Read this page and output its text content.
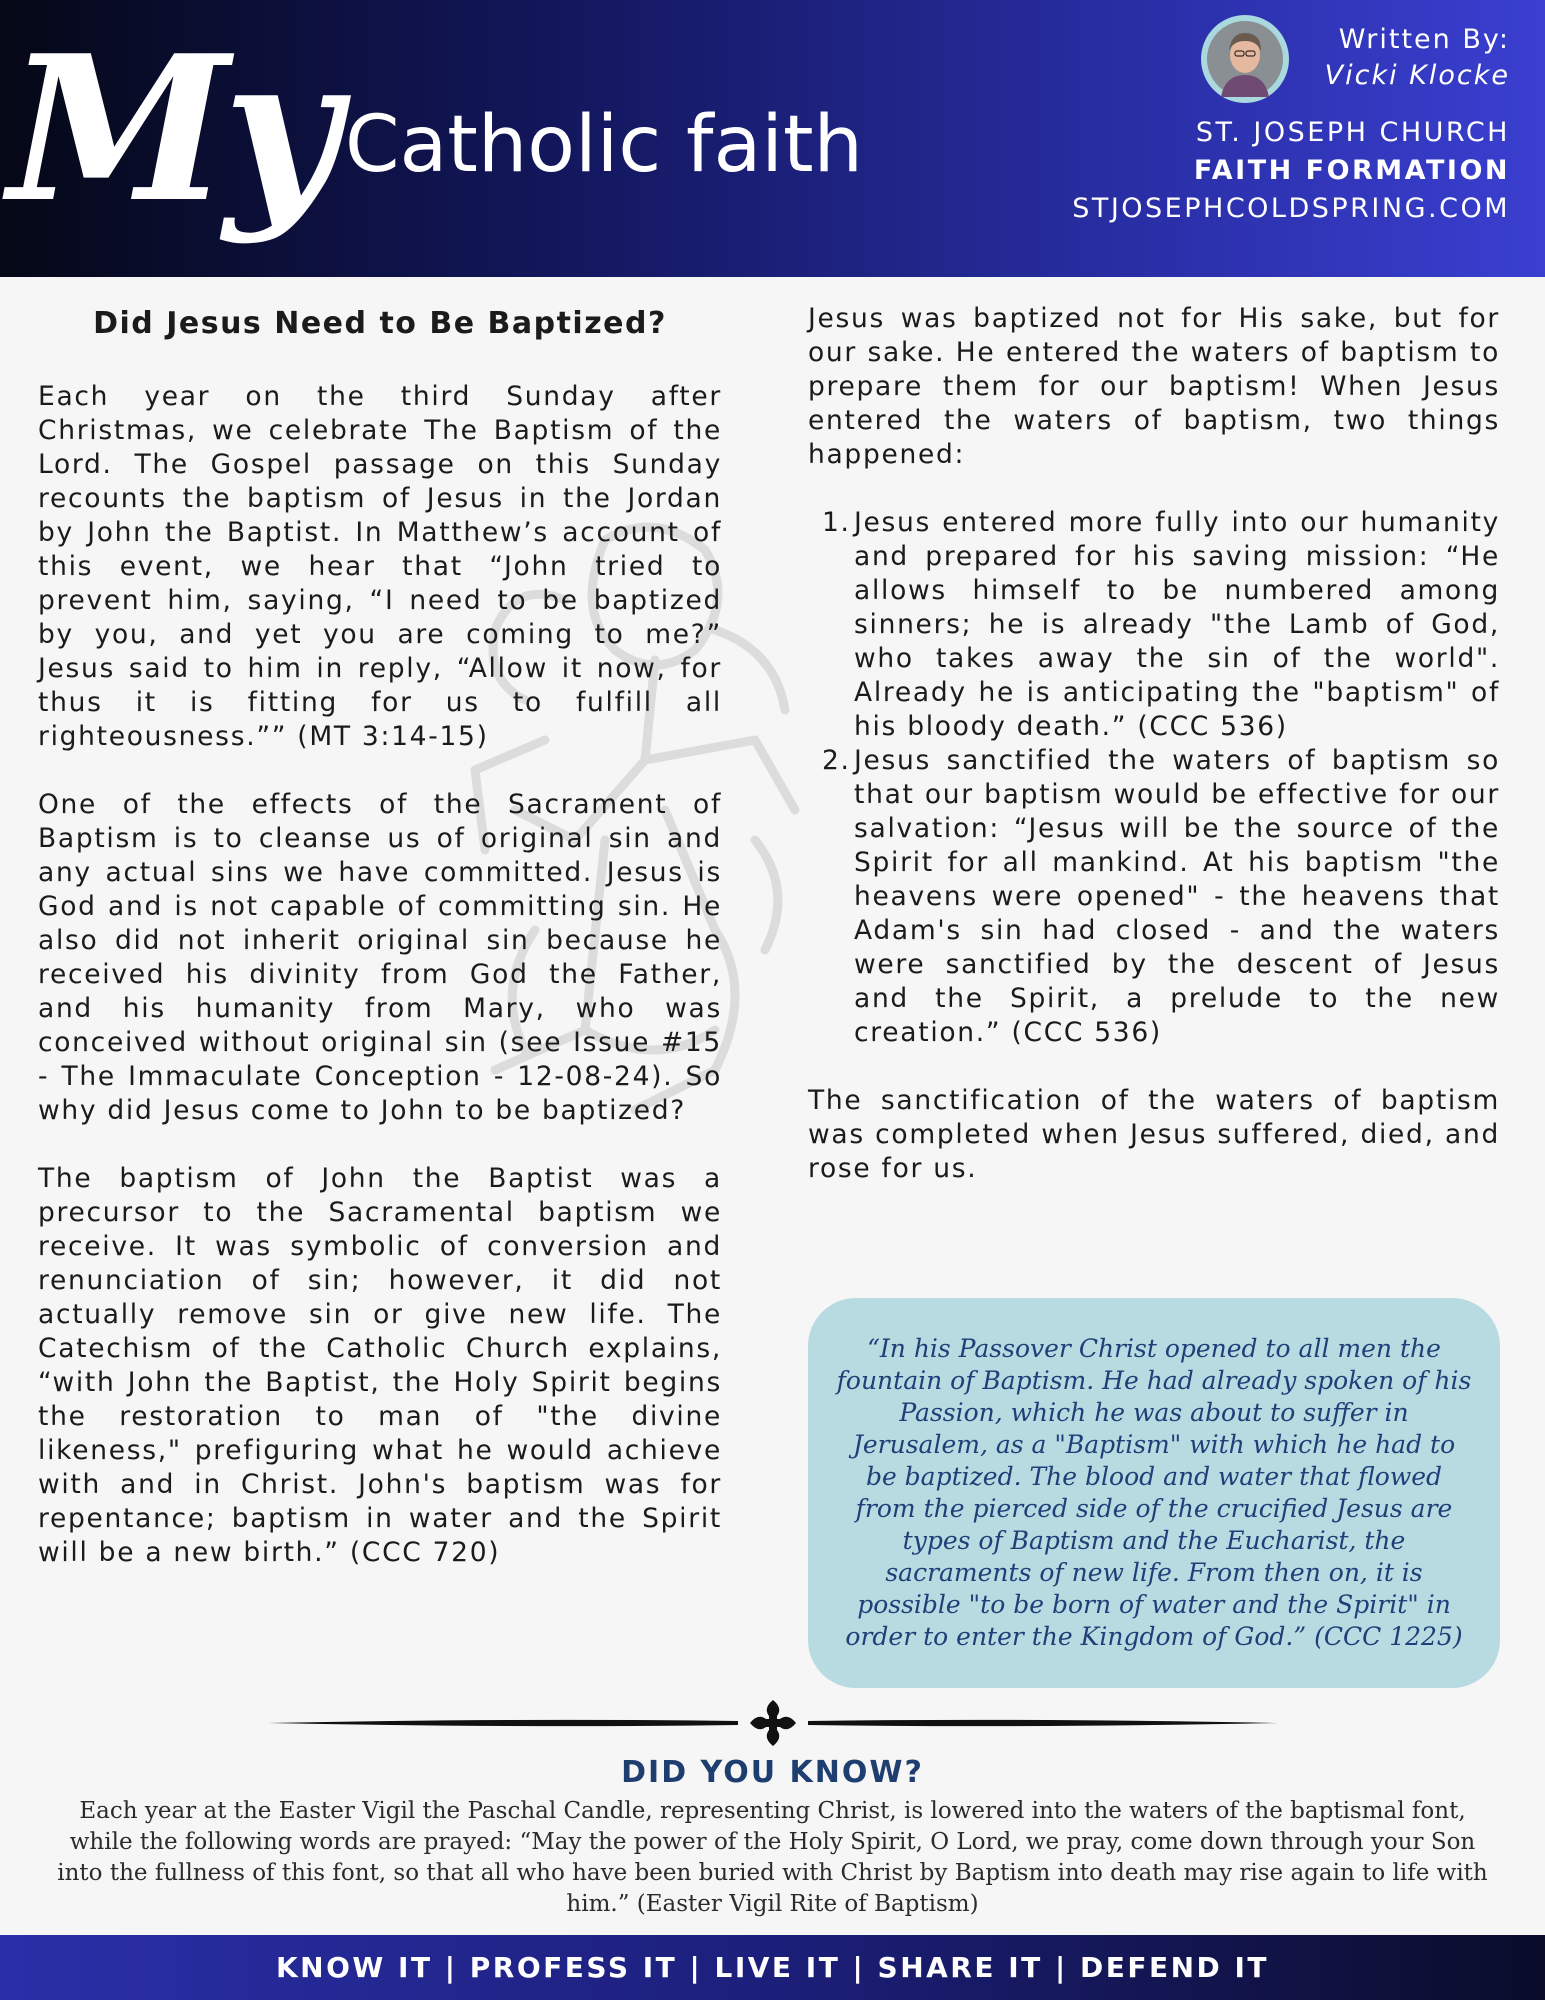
My Catholic faith
Written By:
Vicki Klocke
ST. JOSEPH CHURCH
FAITH FORMATION
STJOSEPHCOLDSPRING.COM
Did Jesus Need to Be Baptized?

Each year on the third Sunday after Christmas, we celebrate The Baptism of the Lord. The Gospel passage on this Sunday recounts the baptism of Jesus in the Jordan by John the Baptist. In Matthew’s account of this event, we hear that “John tried to prevent him, saying, “I need to be baptized by you, and yet you are coming to me?” Jesus said to him in reply, “Allow it now, for thus it is fitting for us to fulfill all righteousness.”” (MT 3:14-15)

One of the effects of the Sacrament of Baptism is to cleanse us of original sin and any actual sins we have committed. Jesus is God and is not capable of committing sin. He also did not inherit original sin because he received his divinity from God the Father, and his humanity from Mary, who was conceived without original sin (see Issue #15 - The Immaculate Conception - 12-08-24). So why did Jesus come to John to be baptized?

The baptism of John the Baptist was a precursor to the Sacramental baptism we receive. It was symbolic of conversion and renunciation of sin; however, it did not actually remove sin or give new life. The Catechism of the Catholic Church explains, “with John the Baptist, the Holy Spirit begins the restoration to man of "the divine likeness," prefiguring what he would achieve with and in Christ. John's baptism was for repentance; baptism in water and the Spirit will be a new birth.” (CCC 720)

Jesus was baptized not for His sake, but for our sake. He entered the waters of baptism to prepare them for our baptism! When Jesus entered the waters of baptism, two things happened:

1. Jesus entered more fully into our humanity and prepared for his saving mission: “He allows himself to be numbered among sinners; he is already "the Lamb of God, who takes away the sin of the world". Already he is anticipating the "baptism" of his bloody death.” (CCC 536)
2. Jesus sanctified the waters of baptism so that our baptism would be effective for our salvation: “Jesus will be the source of the Spirit for all mankind. At his baptism "the heavens were opened" - the heavens that Adam's sin had closed - and the waters were sanctified by the descent of Jesus and the Spirit, a prelude to the new creation.” (CCC 536)

The sanctification of the waters of baptism was completed when Jesus suffered, died, and rose for us.

“In his Passover Christ opened to all men the fountain of Baptism. He had already spoken of his Passion, which he was about to suffer in Jerusalem, as a "Baptism" with which he had to be baptized. The blood and water that flowed from the pierced side of the crucified Jesus are types of Baptism and the Eucharist, the sacraments of new life. From then on, it is possible "to be born of water and the Spirit" in order to enter the Kingdom of God.” (CCC 1225)

DID YOU KNOW?

Each year at the Easter Vigil the Paschal Candle, representing Christ, is lowered into the waters of the baptismal font, while the following words are prayed: “May the power of the Holy Spirit, O Lord, we pray, come down through your Son into the fullness of this font, so that all who have been buried with Christ by Baptism into death may rise again to life with him.” (Easter Vigil Rite of Baptism)

KNOW IT | PROFESS IT | LIVE IT | SHARE IT | DEFEND IT
